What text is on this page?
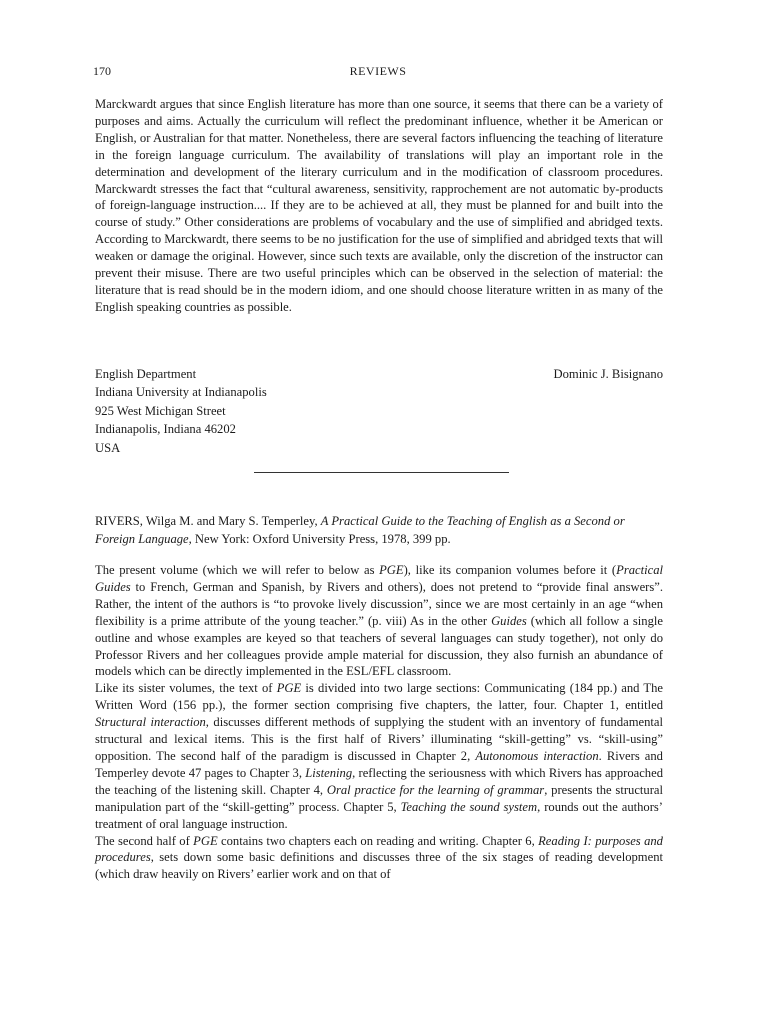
170	REVIEWS
Marckwardt argues that since English literature has more than one source, it seems that there can be a variety of purposes and aims. Actually the curriculum will reflect the predominant influence, whether it be American or English, or Australian for that matter. Nonetheless, there are several factors influencing the teaching of literature in the foreign language curriculum. The availability of translations will play an important role in the determination and development of the literary curriculum and in the modification of classroom procedures. Marckwardt stresses the fact that “cultural awareness, sensitivity, rapprochement are not automatic by-products of foreign-language instruction.... If they are to be achieved at all, they must be planned for and built into the course of study.” Other considerations are problems of vocabulary and the use of simplified and abridged texts. According to Marckwardt, there seems to be no justification for the use of simplified and abridged texts that will weaken or damage the original. However, since such texts are available, only the discretion of the instructor can prevent their misuse. There are two useful principles which can be observed in the selection of material: the literature that is read should be in the modern idiom, and one should choose literature written in as many of the English speaking countries as possible.
English Department
Indiana University at Indianapolis
925 West Michigan Street
Indianapolis, Indiana 46202
USA
Dominic J. Bisignano
RIVERS, Wilga M. and Mary S. Temperley, A Practical Guide to the Teaching of English as a Second or Foreign Language, New York: Oxford University Press, 1978, 399 pp.

The present volume (which we will refer to below as PGE), like its companion volumes before it (Practical Guides to French, German and Spanish, by Rivers and others), does not pretend to “provide final answers”. Rather, the intent of the authors is “to provoke lively discussion”, since we are most certainly in an age “when flexibility is a prime attribute of the young teacher.” (p. viii) As in the other Guides (which all follow a single outline and whose examples are keyed so that teachers of several languages can study together), not only do Professor Rivers and her colleagues provide ample material for discussion, they also furnish an abundance of models which can be directly implemented in the ESL/EFL classroom.

Like its sister volumes, the text of PGE is divided into two large sections: Communicating (184 pp.) and The Written Word (156 pp.), the former section comprising five chapters, the latter, four. Chapter 1, entitled Structural interaction, discusses different methods of supplying the student with an inventory of fundamental structural and lexical items. This is the first half of Rivers’ illuminating “skill-getting” vs. “skill-using” opposition. The second half of the paradigm is discussed in Chapter 2, Autonomous interaction. Rivers and Temperley devote 47 pages to Chapter 3, Listening, reflecting the seriousness with which Rivers has approached the teaching of the listening skill. Chapter 4, Oral practice for the learning of grammar, presents the structural manipulation part of the “skill-getting” process. Chapter 5, Teaching the sound system, rounds out the authors’ treatment of oral language instruction.

The second half of PGE contains two chapters each on reading and writing. Chapter 6, Reading I: purposes and procedures, sets down some basic definitions and discusses three of the six stages of reading development (which draw heavily on Rivers’ earlier work and on that of
